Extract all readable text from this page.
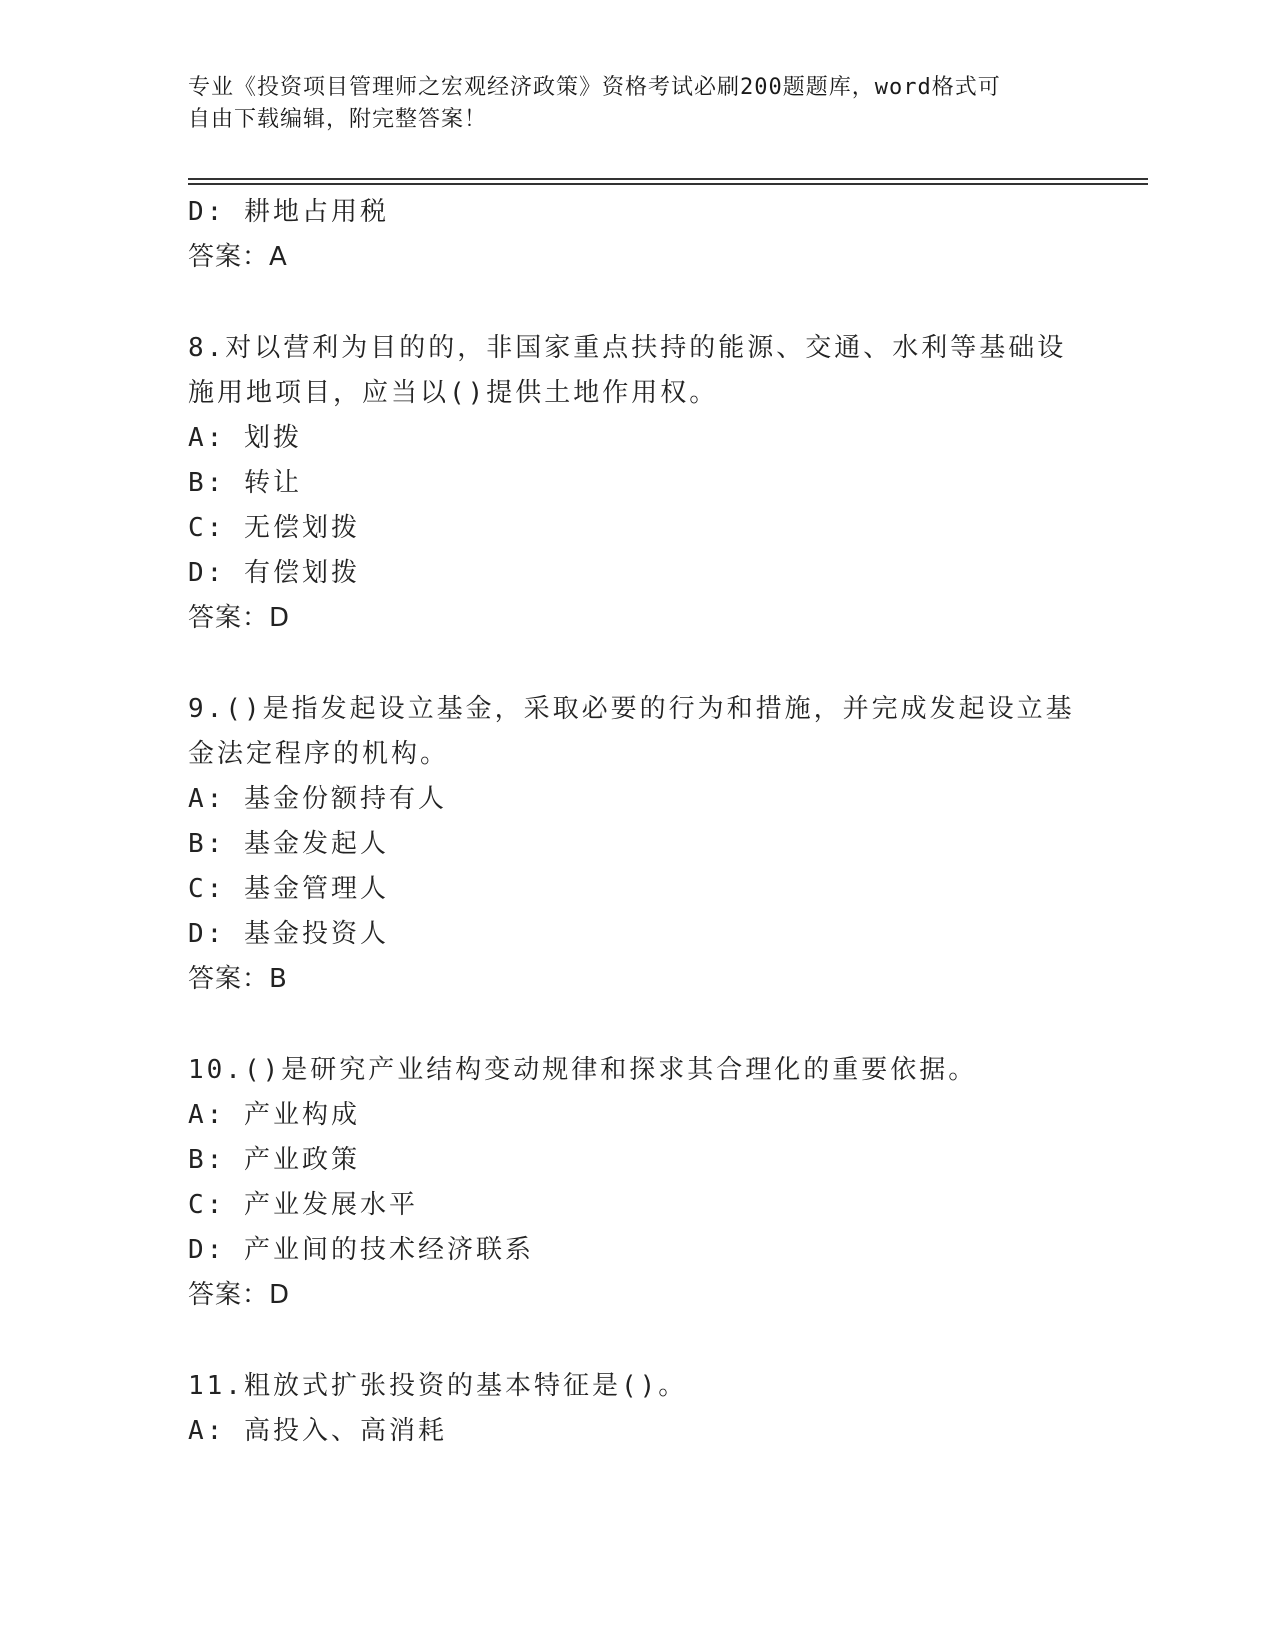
专业《投资项目管理师之宏观经济政策》资格考试必刷200题题库，word格式可
自由下载编辑，附完整答案！
D: 耕地占用税
答案：A
8.对以营利为目的的，非国家重点扶持的能源、交通、水利等基础设
施用地项目，应当以()提供土地作用权。
A: 划拨
B: 转让
C: 无偿划拨
D: 有偿划拨
答案：D
9.()是指发起设立基金，采取必要的行为和措施，并完成发起设立基
金法定程序的机构。
A: 基金份额持有人
B: 基金发起人
C: 基金管理人
D: 基金投资人
答案：B
10.()是研究产业结构变动规律和探求其合理化的重要依据。
A: 产业构成
B: 产业政策
C: 产业发展水平
D: 产业间的技术经济联系
答案：D
11.粗放式扩张投资的基本特征是()。
A: 高投入、高消耗
